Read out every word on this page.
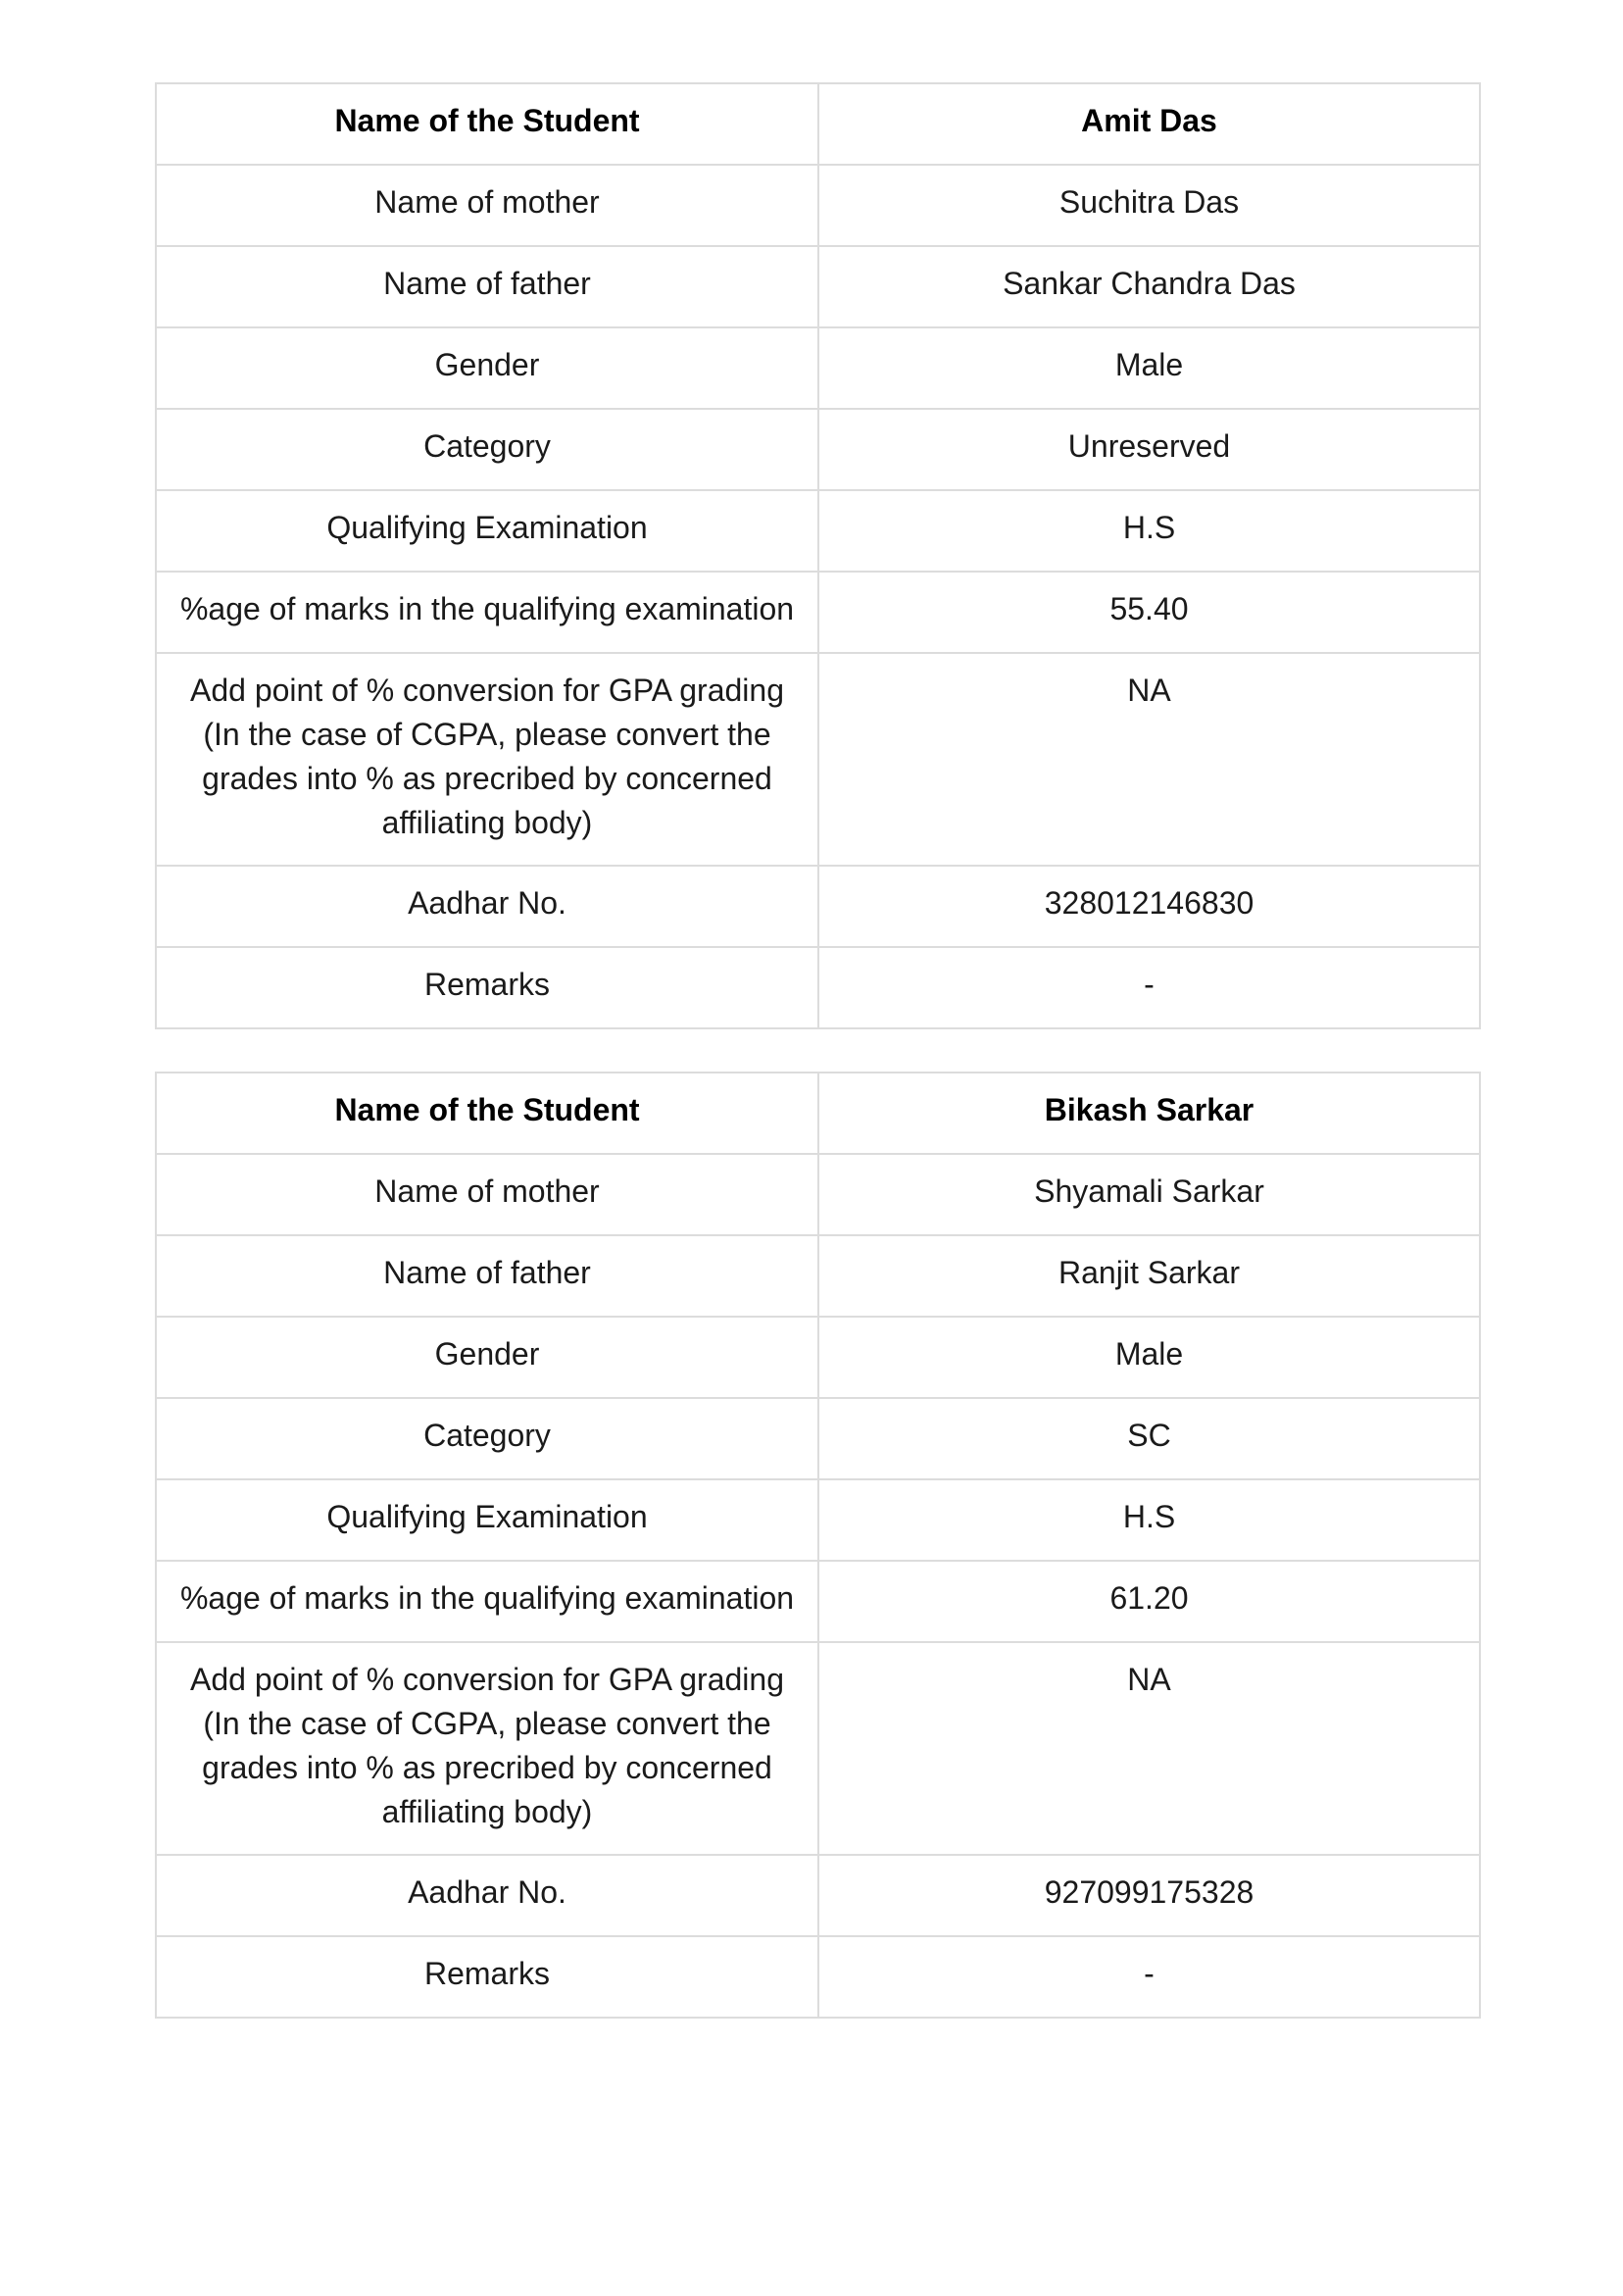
Name of the Student	Amit Das
Name of mother	Suchitra Das
Name of father	Sankar Chandra Das
Gender	Male
Category	Unreserved
Qualifying Examination	H.S
%age of marks in the qualifying examination	55.40
Add point of % conversion for GPA grading (In the case of CGPA, please convert the grades into % as precribed by concerned affiliating body)	NA
Aadhar No.	328012146830
Remarks	-
Name of the Student	Bikash Sarkar
Name of mother	Shyamali Sarkar
Name of father	Ranjit Sarkar
Gender	Male
Category	SC
Qualifying Examination	H.S
%age of marks in the qualifying examination	61.20
Add point of % conversion for GPA grading (In the case of CGPA, please convert the grades into % as precribed by concerned affiliating body)	NA
Aadhar No.	927099175328
Remarks	-
